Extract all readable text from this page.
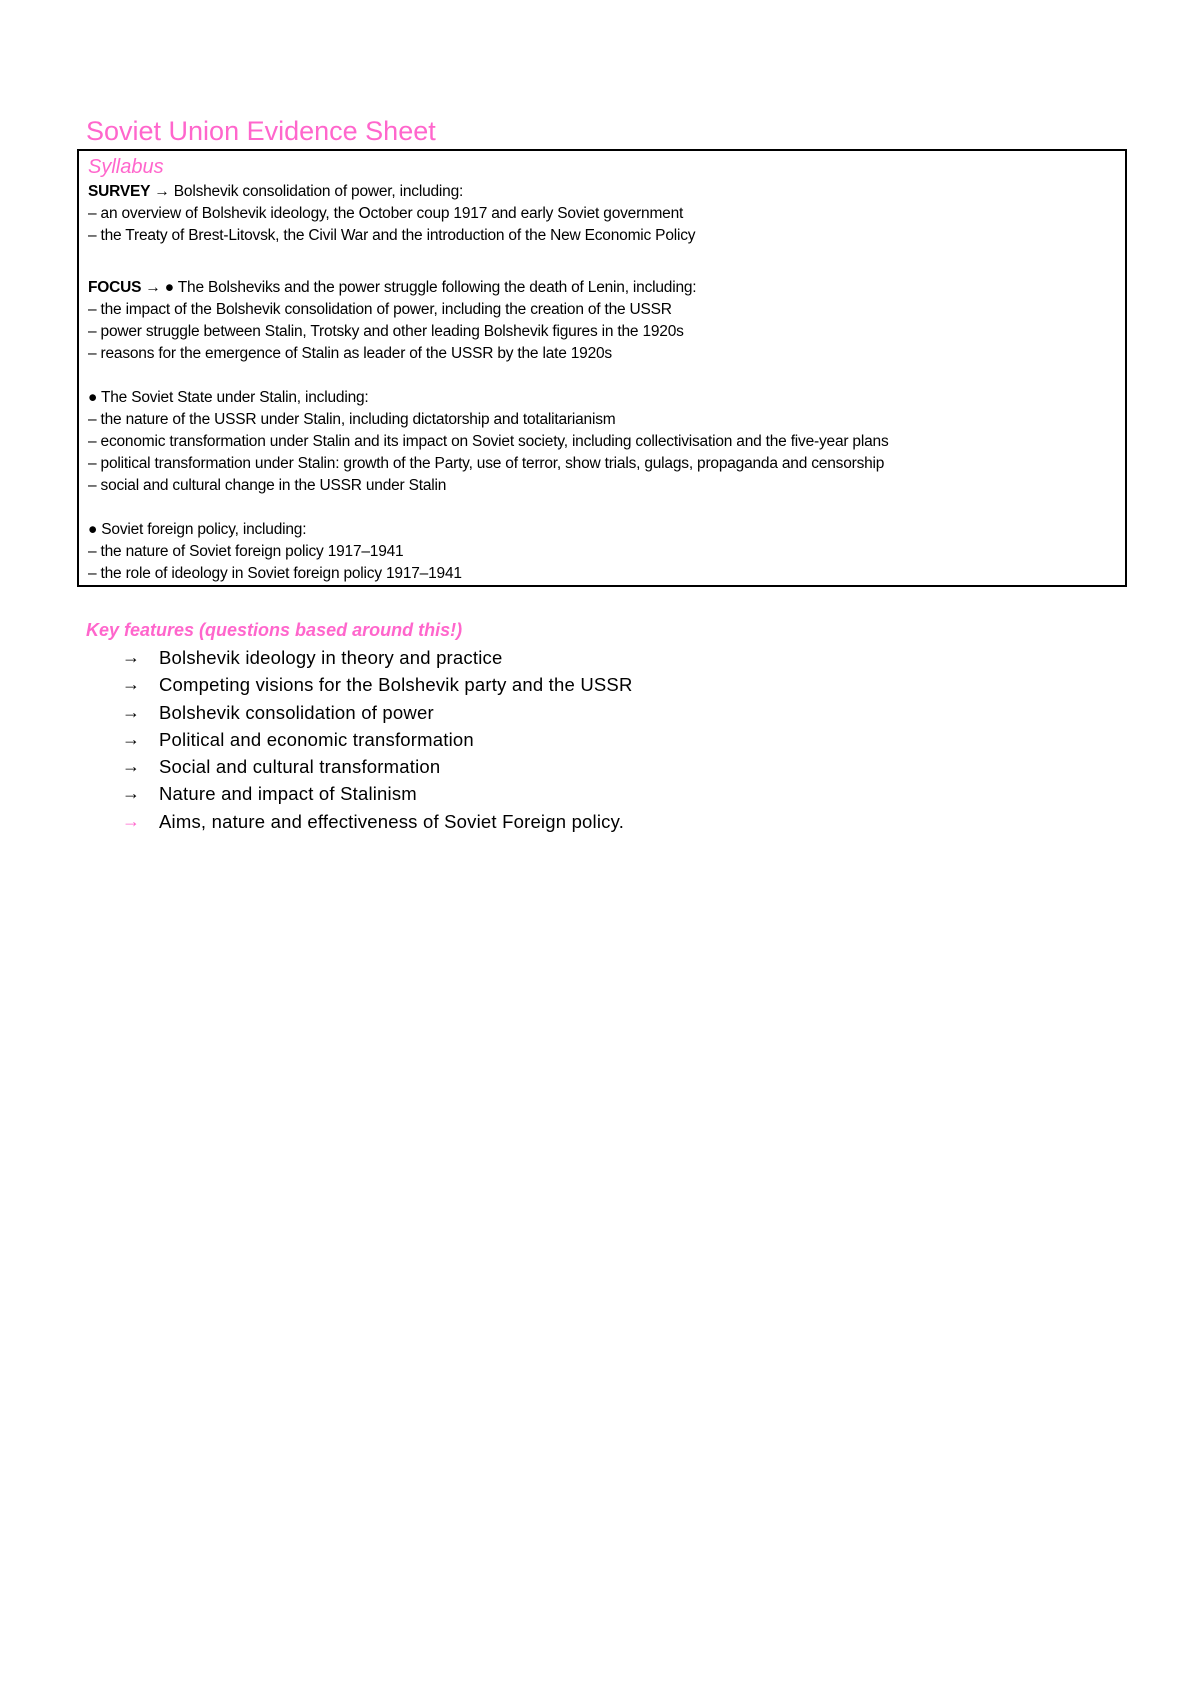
Soviet Union Evidence Sheet
Syllabus
SURVEY → Bolshevik consolidation of power, including:
– an overview of Bolshevik ideology, the October coup 1917 and early Soviet government
– the Treaty of Brest-Litovsk, the Civil War and the introduction of the New Economic Policy
FOCUS → ● The Bolsheviks and the power struggle following the death of Lenin, including:
– the impact of the Bolshevik consolidation of power, including the creation of the USSR
– power struggle between Stalin, Trotsky and other leading Bolshevik figures in the 1920s
– reasons for the emergence of Stalin as leader of the USSR by the late 1920s
● The Soviet State under Stalin, including:
– the nature of the USSR under Stalin, including dictatorship and totalitarianism
– economic transformation under Stalin and its impact on Soviet society, including collectivisation and the five-year plans
– political transformation under Stalin: growth of the Party, use of terror, show trials, gulags, propaganda and censorship
– social and cultural change in the USSR under Stalin
● Soviet foreign policy, including:
– the nature of Soviet foreign policy 1917–1941
– the role of ideology in Soviet foreign policy 1917–1941
Key features (questions based around this!)
→	Bolshevik ideology in theory and practice
→	Competing visions for the Bolshevik party and the USSR
→	Bolshevik consolidation of power
→	Political and economic transformation
→	Social and cultural transformation
→	Nature and impact of Stalinism
→	Aims, nature and effectiveness of Soviet Foreign policy.
